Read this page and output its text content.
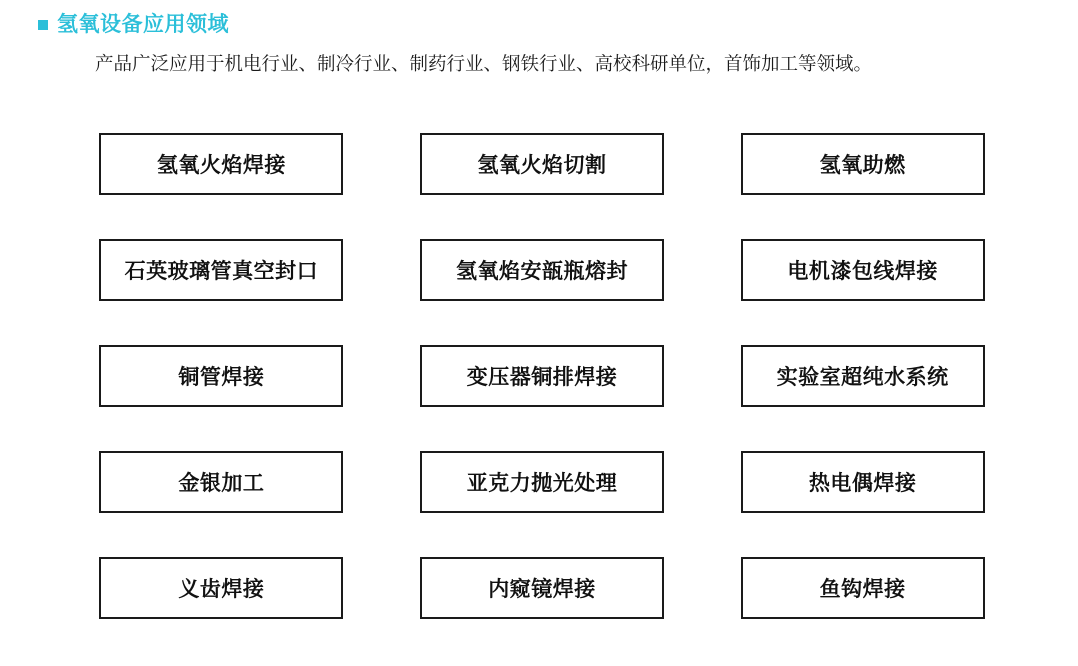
氢氧设备应用领域

产品广泛应用于机电行业、制冷行业、制药行业、钢铁行业、高校科研单位，首饰加工等领域。

氢氧火焰焊接	氢氧火焰切割	氢氧助燃
石英玻璃管真空封口	氢氧焰安瓿瓶熔封	电机漆包线焊接
铜管焊接	变压器铜排焊接	实验室超纯水系统
金银加工	亚克力抛光处理	热电偶焊接
义齿焊接	内窥镜焊接	鱼钩焊接
